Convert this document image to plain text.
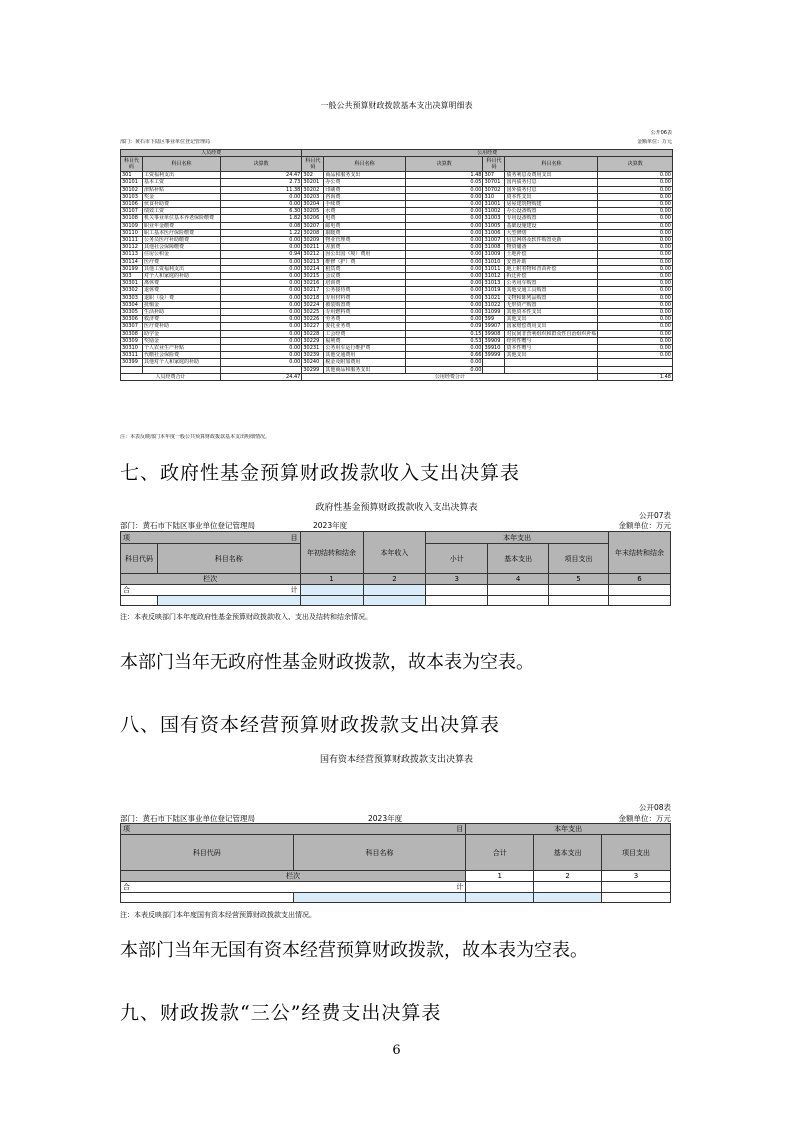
一般公共预算财政拨款基本支出决算明细表
公开06表
部门：黄石市下陆区事业单位登记管理局	金额单位：万元
人员经费			公用经费					
科目代码	科目名称	决算数	科目代码	科目名称	决算数	科目代码	科目名称	决算数
301	工资福利支出	24.47	302	商品和服务支出	1.48	307	债务利息及费用支出	0.00
30101	基本工资	2.73	30201	办公费	0.05	30701	国内债务付息	0.00
30102	津贴补贴	11.38	30202	印刷费	0.00	30702	国外债务付息	0.00
30103	奖金	0.00	30203	咨询费	0.00	310	资本性支出	0.00
30106	伙食补助费	0.00	30204	手续费	0.00	31001	房屋建筑物购建	0.00
30107	绩效工资	6.30	30205	水费	0.00	31002	办公设备购置	0.00
30108	机关事业单位基本养老保险缴费	1.82	30206	电费	0.00	31003	专用设备购置	0.00
30109	职业年金缴费	0.08	30207	邮电费	0.00	31005	基础设施建设	0.00
30110	职工基本医疗保险缴费	1.22	30208	取暖费	0.00	31006	大型修缮	0.00
30111	公务员医疗补助缴费	0.00	30209	物业管理费	0.00	31007	信息网络及软件购置更新	0.00
30112	其他社会保障缴费	0.00	30211	差旅费	0.00	31008	物资储备	0.00
30113	住房公积金	0.94	30212	因公出国（境）费用	0.00	31009	土地补偿	0.00
30114	医疗费	0.00	30213	维修（护）费	0.00	31010	安置补助	0.00
30199	其他工资福利支出	0.00	30214	租赁费	0.00	31011	地上附着物和青苗补偿	0.00
303	对个人和家庭的补助	0.00	30215	会议费	0.00	31012	拆迁补偿	0.00
30301	离休费	0.00	30216	培训费	0.00	31013	公务用车购置	0.00
30302	退休费	0.00	30217	公务接待费	0.00	31019	其他交通工具购置	0.00
30303	退职（役）费	0.00	30218	专用材料费	0.00	31021	文物和陈列品购置	0.00
30304	抚恤金	0.00	30224	被装购置费	0.00	31022	无形资产购置	0.00
30305	生活补助	0.00	30225	专用燃料费	0.00	31099	其他资本性支出	0.00
30306	救济费	0.00	30226	劳务费	0.00	399	其他支出	0.00
30307	医疗费补助	0.00	30227	委托业务费	0.09	39907	国家赔偿费用支出	0.00
30308	助学金	0.00	30228	工会经费	0.15	39908	对民间非营利组织和群众性自治组织补贴	0.00
30309	奖励金	0.00	30229	福利费	0.53	39909	经常性赠与	0.00
30310	个人农业生产补贴	0.00	30231	公务用车运行维护费	0.00	39910	资本性赠与	0.00
30311	代缴社会保险费	0.00	30239	其他交通费用	0.66	39999	其他支出	0.00
30399	其他对个人和家庭的补助	0.00	30240	税金及附加费用	0.00			
			30299	其他商品和服务支出	0.00			
人员经费合计		24.47	公用经费合计					1.48
注：本表反映部门本年度一般公共预算财政拨款基本支出明细情况。
七、政府性基金预算财政拨款收入支出决算表
政府性基金预算财政拨款收入支出决算表
公开07表
部门：黄石市下陆区事业单位登记管理局	2023年度	金额单位：万元
项 目		年初结转和结余	本年收入	本年支出			年末结转和结余
科目代码	科目名称			小计	基本支出	项目支出	
栏次		1	2	3	4	5	6
合 计							

注：本表反映部门本年度政府性基金预算财政拨款收入、支出及结转和结余情况。
本部门当年无政府性基金财政拨款，故本表为空表。
八、国有资本经营预算财政拨款支出决算表
国有资本经营预算财政拨款支出决算表
公开08表
部门：黄石市下陆区事业单位登记管理局	2023年度	金额单位：万元
项 目		本年支出		
科目代码	科目名称	合计	基本支出	项目支出
栏次		1	2	3
合 计				

注：本表反映部门本年度国有资本经营预算财政拨款支出情况。
本部门当年无国有资本经营预算财政拨款，故本表为空表。
九、财政拨款“三公”经费支出决算表
6
